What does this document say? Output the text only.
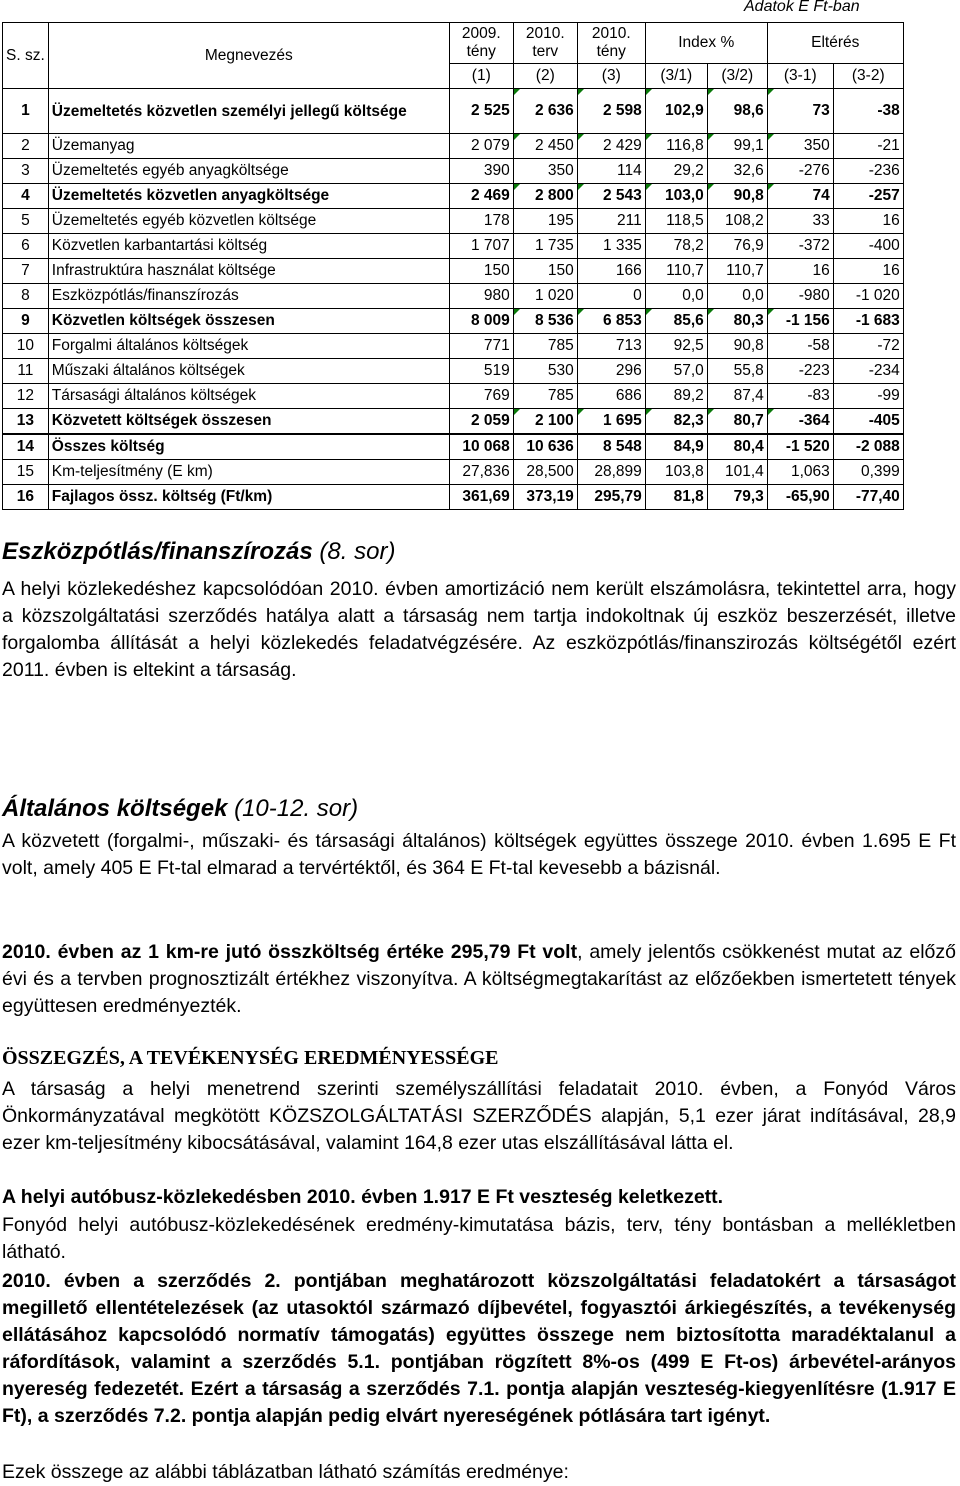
Adatok E Ft-ban
S. sz.	Megnevezés	2009. tény	2010. terv	2010. tény	Index %		Eltérés	
		(1)	(2)	(3)	(3/1)	(3/2)	(3-1)	(3-2)
1	Üzemeltetés közvetlen személyi jellegű költsége	2 525	2 636	2 598	102,9	98,6	73	-38
2	Üzemanyag	2 079	2 450	2 429	116,8	99,1	350	-21
3	Üzemeltetés egyéb anyagköltsége	390	350	114	29,2	32,6	-276	-236
4	Üzemeltetés közvetlen anyagköltsége	2 469	2 800	2 543	103,0	90,8	74	-257
5	Üzemeltetés egyéb közvetlen költsége	178	195	211	118,5	108,2	33	16
6	Közvetlen karbantartási költség	1 707	1 735	1 335	78,2	76,9	-372	-400
7	Infrastruktúra használat költsége	150	150	166	110,7	110,7	16	16
8	Eszközpótlás/finanszírozás	980	1 020	0	0,0	0,0	-980	-1 020
9	Közvetlen költségek összesen	8 009	8 536	6 853	85,6	80,3	-1 156	-1 683
10	Forgalmi általános költségek	771	785	713	92,5	90,8	-58	-72
11	Műszaki általános költségek	519	530	296	57,0	55,8	-223	-234
12	Társasági általános költségek	769	785	686	89,2	87,4	-83	-99
13	Közvetett költségek összesen	2 059	2 100	1 695	82,3	80,7	-364	-405
14	Összes költség	10 068	10 636	8 548	84,9	80,4	-1 520	-2 088
15	Km-teljesítmény (E km)	27,836	28,500	28,899	103,8	101,4	1,063	0,399
16	Fajlagos össz. költség (Ft/km)	361,69	373,19	295,79	81,8	79,3	-65,90	-77,40
Eszközpótlás/finanszírozás (8. sor)
A helyi közlekedéshez kapcsolódóan 2010. évben amortizáció nem került elszámolásra, tekintettel arra, hogy a közszolgáltatási szerződés hatálya alatt a társaság nem tartja indokoltnak új eszköz beszerzését, illetve forgalomba állítását a helyi közlekedés feladatvégzésére. Az eszközpótlás/finanszirozás költségétől ezért 2011. évben is eltekint a társaság.
Általános költségek (10-12. sor)
A közvetett (forgalmi-, műszaki- és társasági általános) költségek együttes összege 2010. évben 1.695 E Ft volt, amely 405 E Ft-tal elmarad a tervértéktől, és 364 E Ft-tal kevesebb a bázisnál.
2010. évben az 1 km-re jutó összköltség értéke 295,79 Ft volt, amely jelentős csökkenést mutat az előző évi és a tervben prognosztizált értékhez viszonyítva. A költségmegtakarítást az előzőekben ismertetett tények együttesen eredményezték.
ÖSSZEGZÉS, A TEVÉKENYSÉG EREDMÉNYESSÉGE
A társaság a helyi menetrend szerinti személyszállítási feladatait 2010. évben, a Fonyód Város Önkormányzatával megkötött KÖZSZOLGÁLTATÁSI SZERZŐDÉS alapján, 5,1 ezer járat indításával, 28,9 ezer km-teljesítmény kibocsátásával, valamint 164,8 ezer utas elszállításával látta el.
A helyi autóbusz-közlekedésben 2010. évben 1.917 E Ft veszteség keletkezett.
Fonyód helyi autóbusz-közlekedésének eredmény-kimutatása bázis, terv, tény bontásban a mellékletben látható.
2010. évben a szerződés 2. pontjában meghatározott közszolgáltatási feladatokért a társaságot megillető ellentételezések (az utasoktól származó díjbevétel, fogyasztói árkiegészítés, a tevékenység ellátásához kapcsolódó normatív támogatás) együttes összege nem biztosította maradéktalanul a ráfordítások, valamint a szerződés 5.1. pontjában rögzített 8%-os (499 E Ft-os) árbevétel-arányos nyereség fedezetét. Ezért a társaság a szerződés 7.1. pontja alapján veszteség-kiegyenlítésre (1.917 E Ft), a szerződés 7.2. pontja alapján pedig elvárt nyereségének pótlására tart igényt.
Ezek összege az alábbi táblázatban látható számítás eredménye:
